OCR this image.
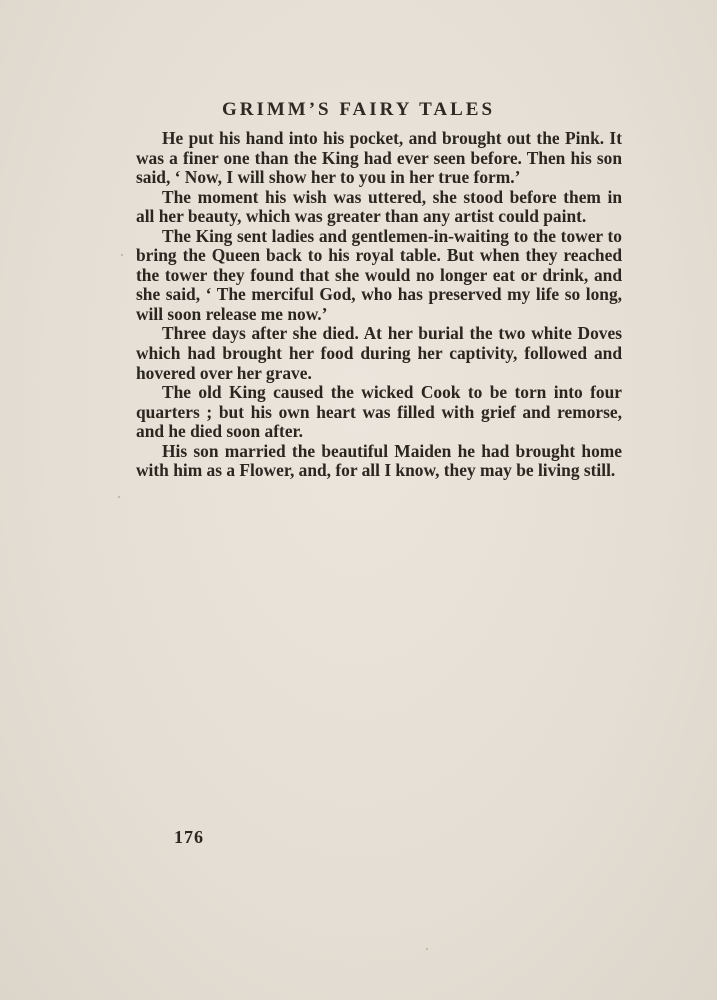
GRIMM’S FAIRY TALES

He put his hand into his pocket, and brought out the Pink. It was a finer one than the King had ever seen before. Then his son said, ‘ Now, I will show her to you in her true form.’

The moment his wish was uttered, she stood before them in all her beauty, which was greater than any artist could paint.

The King sent ladies and gentlemen-in-waiting to the tower to bring the Queen back to his royal table. But when they reached the tower they found that she would no longer eat or drink, and she said, ‘ The merciful God, who has preserved my life so long, will soon release me now.’

Three days after she died. At her burial the two white Doves which had brought her food during her captivity, followed and hovered over her grave.

The old King caused the wicked Cook to be torn into four quarters ; but his own heart was filled with grief and remorse, and he died soon after.

His son married the beautiful Maiden he had brought home with him as a Flower, and, for all I know, they may be living still.

176
